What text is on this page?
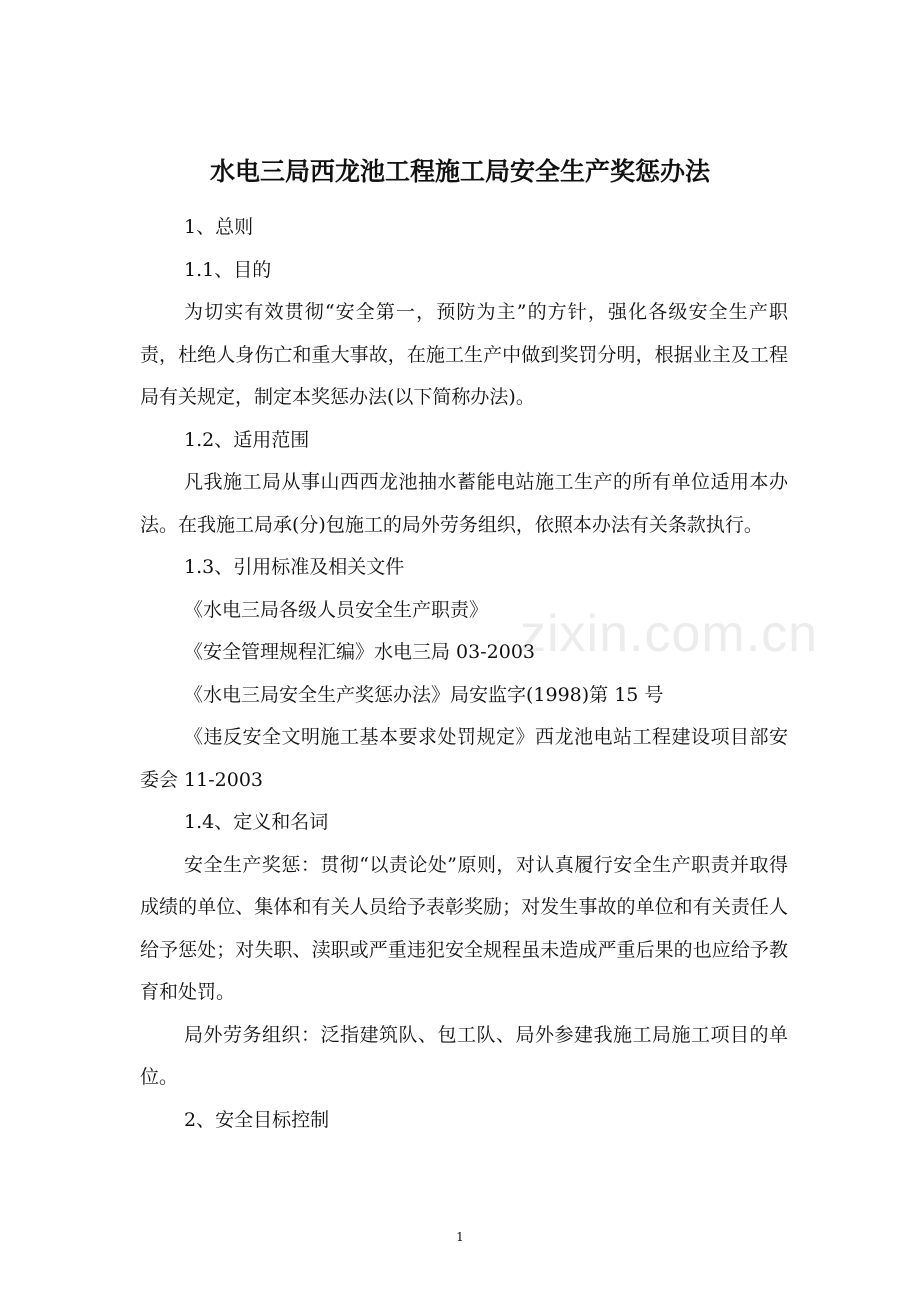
zixin.com.cn
水电三局西龙池工程施工局安全生产奖惩办法

1、总则

1.1、目的

为切实有效贯彻“安全第一，预防为主”的方针，强化各级安全生产职责，杜绝人身伤亡和重大事故，在施工生产中做到奖罚分明，根据业主及工程局有关规定，制定本奖惩办法(以下简称办法)。

1.2、适用范围

凡我施工局从事山西西龙池抽水蓄能电站施工生产的所有单位适用本办法。在我施工局承(分)包施工的局外劳务组织，依照本办法有关条款执行。

1.3、引用标准及相关文件

《水电三局各级人员安全生产职责》

《安全管理规程汇编》水电三局 03-2003

《水电三局安全生产奖惩办法》局安监字(1998)第 15 号

《违反安全文明施工基本要求处罚规定》西龙池电站工程建设项目部安委会 11-2003

1.4、定义和名词

安全生产奖惩：贯彻“以责论处”原则，对认真履行安全生产职责并取得成绩的单位、集体和有关人员给予表彰奖励；对发生事故的单位和有关责任人给予惩处；对失职、渎职或严重违犯安全规程虽未造成严重后果的也应给予教育和处罚。

局外劳务组织：泛指建筑队、包工队、局外参建我施工局施工项目的单位。

2、安全目标控制

1
